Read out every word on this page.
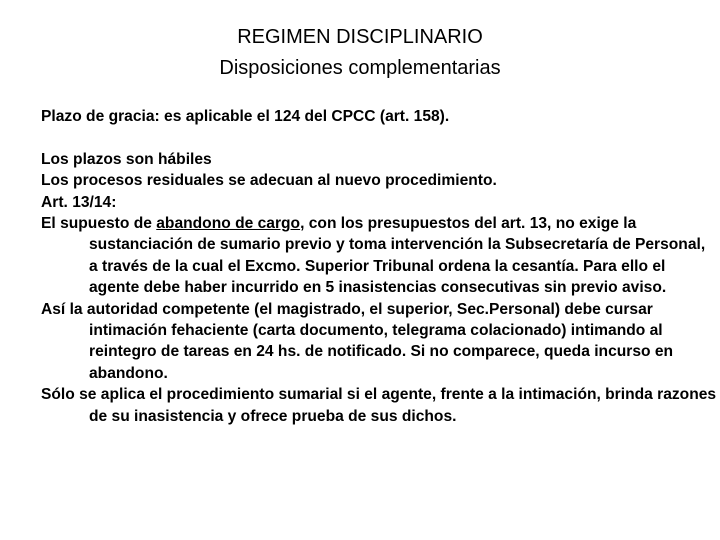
REGIMEN DISCIPLINARIO
Disposiciones complementarias

Plazo de gracia: es aplicable el 124 del CPCC (art. 158).

Los plazos son hábiles

Los procesos residuales se adecuan al nuevo procedimiento.

Art. 13/14:

El supuesto de abandono de cargo, con los presupuestos del art. 13, no exige la sustanciación de sumario previo y toma intervención la Subsecretaría de Personal, a través de la cual el Excmo. Superior Tribunal ordena la cesantía. Para ello el agente debe haber incurrido en 5 inasistencias consecutivas sin previo aviso.

Así la autoridad competente (el magistrado, el superior, Sec.Personal) debe cursar intimación fehaciente (carta documento, telegrama colacionado) intimando al reintegro de tareas en 24 hs. de notificado. Si no comparece, queda incurso en abandono.

Sólo se aplica el procedimiento sumarial si el agente, frente a la intimación, brinda razones de su inasistencia y ofrece prueba de sus dichos.
